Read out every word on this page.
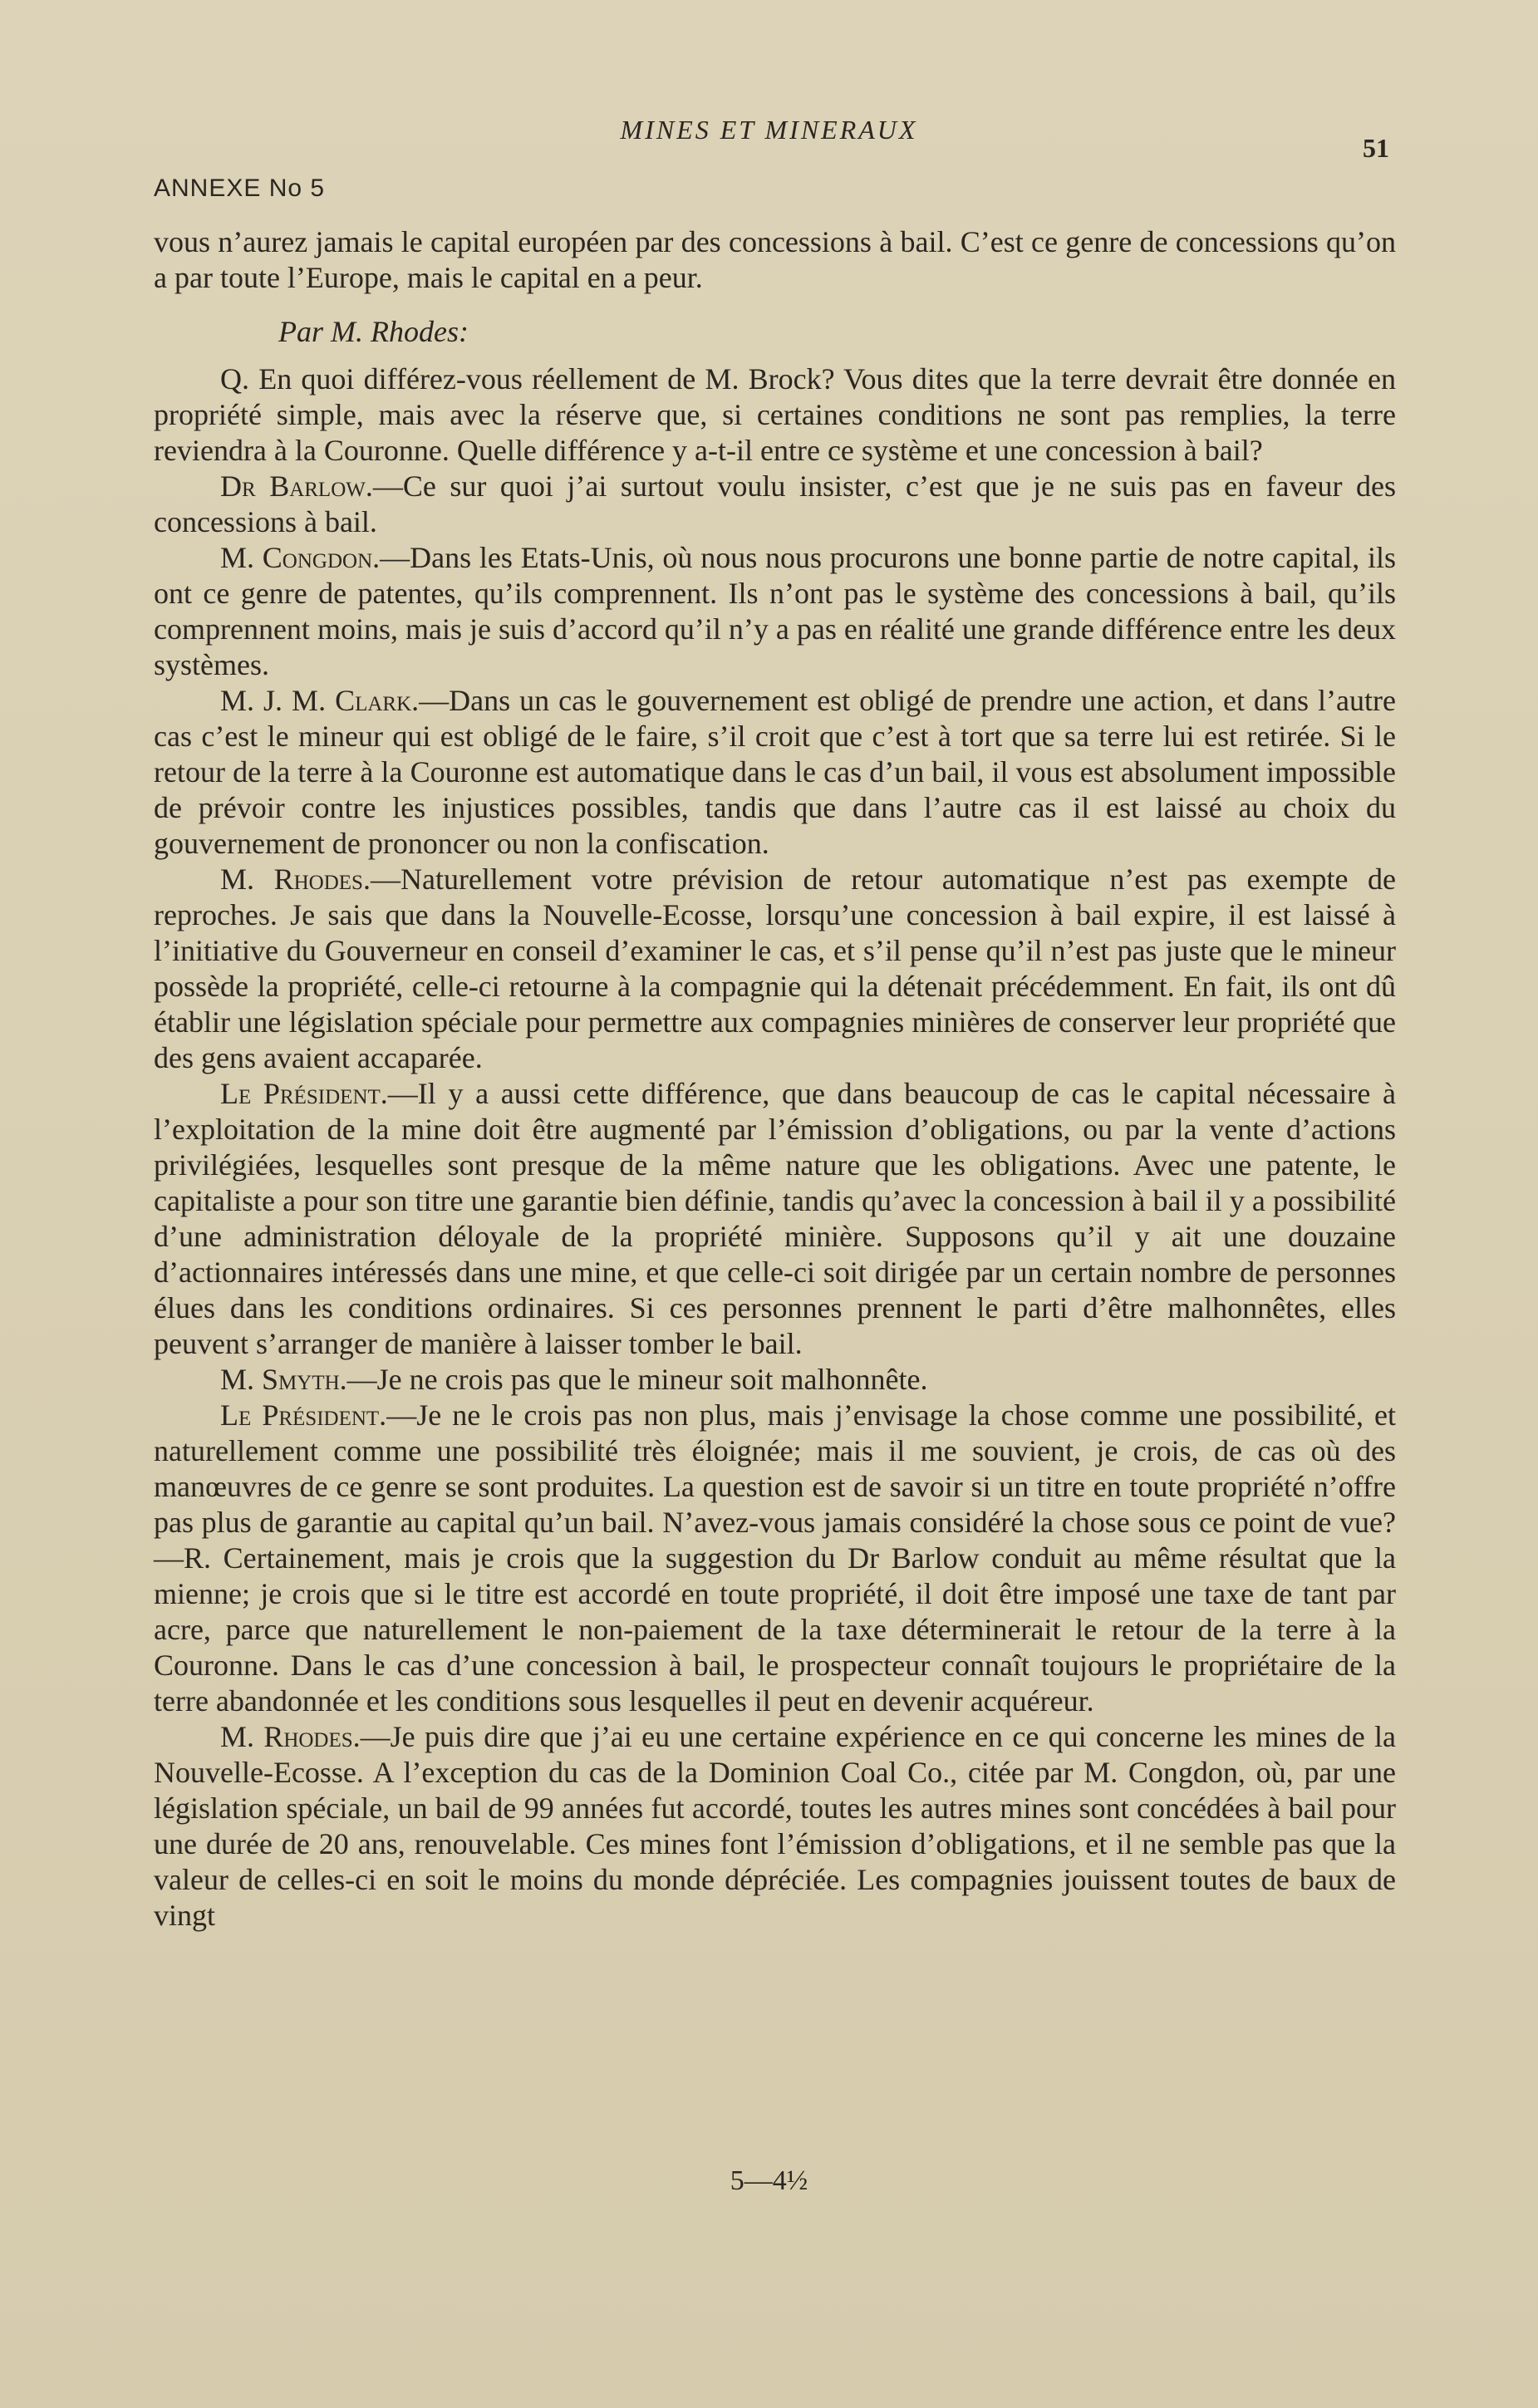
MINES ET MINERAUX
51
ANNEXE No 5

vous n’aurez jamais le capital européen par des concessions à bail. C’est ce genre de concessions qu’on a par toute l’Europe, mais le capital en a peur.

Par M. Rhodes:

Q. En quoi différez-vous réellement de M. Brock? Vous dites que la terre devrait être donnée en propriété simple, mais avec la réserve que, si certaines conditions ne sont pas remplies, la terre reviendra à la Couronne. Quelle différence y a-t-il entre ce système et une concession à bail?

Dr Barlow.—Ce sur quoi j’ai surtout voulu insister, c’est que je ne suis pas en faveur des concessions à bail.

M. Congdon.—Dans les Etats-Unis, où nous nous procurons une bonne partie de notre capital, ils ont ce genre de patentes, qu’ils comprennent. Ils n’ont pas le système des concessions à bail, qu’ils comprennent moins, mais je suis d’accord qu’il n’y a pas en réalité une grande différence entre les deux systèmes.

M. J. M. Clark.—Dans un cas le gouvernement est obligé de prendre une action, et dans l’autre cas c’est le mineur qui est obligé de le faire, s’il croit que c’est à tort que sa terre lui est retirée. Si le retour de la terre à la Couronne est automatique dans le cas d’un bail, il vous est absolument impossible de prévoir contre les injustices possibles, tandis que dans l’autre cas il est laissé au choix du gouvernement de prononcer ou non la confiscation.

M. Rhodes.—Naturellement votre prévision de retour automatique n’est pas exempte de reproches. Je sais que dans la Nouvelle-Ecosse, lorsqu’une concession à bail expire, il est laissé à l’initiative du Gouverneur en conseil d’examiner le cas, et s’il pense qu’il n’est pas juste que le mineur possède la propriété, celle-ci retourne à la compagnie qui la détenait précédemment. En fait, ils ont dû établir une législation spéciale pour permettre aux compagnies minières de conserver leur propriété que des gens avaient accaparée.

Le Président.—Il y a aussi cette différence, que dans beaucoup de cas le capital nécessaire à l’exploitation de la mine doit être augmenté par l’émission d’obligations, ou par la vente d’actions privilégiées, lesquelles sont presque de la même nature que les obligations. Avec une patente, le capitaliste a pour son titre une garantie bien définie, tandis qu’avec la concession à bail il y a possibilité d’une administration déloyale de la propriété minière. Supposons qu’il y ait une douzaine d’actionnaires intéressés dans une mine, et que celle-ci soit dirigée par un certain nombre de personnes élues dans les conditions ordinaires. Si ces personnes prennent le parti d’être malhonnêtes, elles peuvent s’arranger de manière à laisser tomber le bail.

M. Smyth.—Je ne crois pas que le mineur soit malhonnête.

Le Président.—Je ne le crois pas non plus, mais j’envisage la chose comme une possibilité, et naturellement comme une possibilité très éloignée; mais il me souvient, je crois, de cas où des manœuvres de ce genre se sont produites. La question est de savoir si un titre en toute propriété n’offre pas plus de garantie au capital qu’un bail. N’avez-vous jamais considéré la chose sous ce point de vue?—R. Certainement, mais je crois que la suggestion du Dr Barlow conduit au même résultat que la mienne; je crois que si le titre est accordé en toute propriété, il doit être imposé une taxe de tant par acre, parce que naturellement le non-paiement de la taxe déterminerait le retour de la terre à la Couronne. Dans le cas d’une concession à bail, le prospecteur connaît toujours le propriétaire de la terre abandonnée et les conditions sous lesquelles il peut en devenir acquéreur.

M. Rhodes.—Je puis dire que j’ai eu une certaine expérience en ce qui concerne les mines de la Nouvelle-Ecosse. A l’exception du cas de la Dominion Coal Co., citée par M. Congdon, où, par une législation spéciale, un bail de 99 années fut accordé, toutes les autres mines sont concédées à bail pour une durée de 20 ans, renouvelable. Ces mines font l’émission d’obligations, et il ne semble pas que la valeur de celles-ci en soit le moins du monde dépréciée. Les compagnies jouissent toutes de baux de vingt

5—4½
